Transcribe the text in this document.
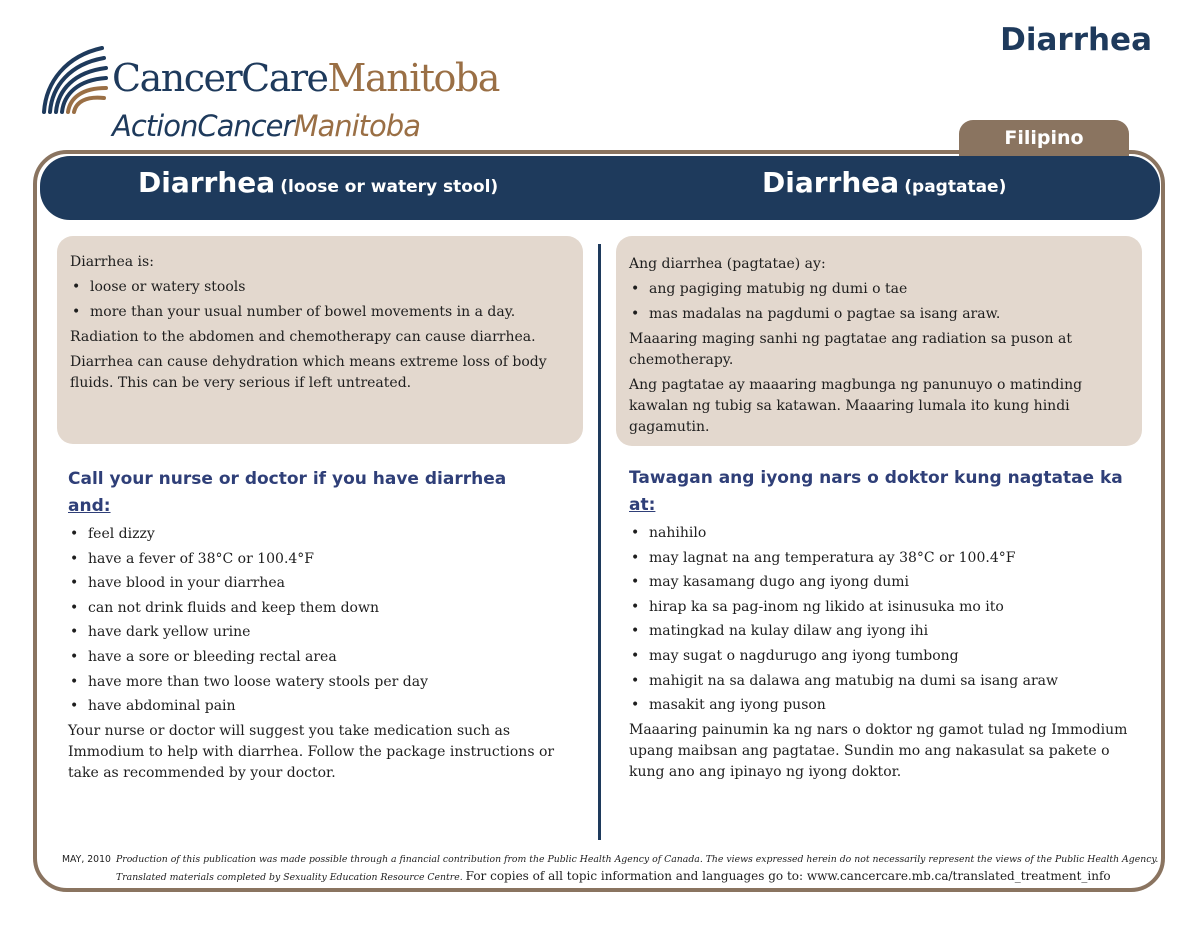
Diarrhea
CancerCareManitoba
ActionCancerManitoba	Filipino
Diarrhea (loose or watery stool)	Diarrhea (pagtatae)

Diarrhea is:

• loose or watery stools
• more than your usual number of bowel movements in a day.

Radiation to the abdomen and chemotherapy can cause diarrhea.

Diarrhea can cause dehydration which means extreme loss of body fluids. This can be very serious if left untreated.

Ang diarrhea (pagtatae) ay:

• ang pagiging matubig ng dumi o tae
• mas madalas na pagdumi o pagtae sa isang araw.

Maaaring maging sanhi ng pagtatae ang radiation sa puson at chemotherapy.

Ang pagtatae ay maaaring magbunga ng panunuyo o matinding kawalan ng tubig sa katawan. Maaaring lumala ito kung hindi gagamutin.

Call your nurse or doctor if you have diarrhea
and:
• feel dizzy
• have a fever of 38°C or 100.4°F
• have blood in your diarrhea
• can not drink fluids and keep them down
• have dark yellow urine
• have a sore or bleeding rectal area
• have more than two loose watery stools per day
• have abdominal pain

Your nurse or doctor will suggest you take medication such as Immodium to help with diarrhea. Follow the package instructions or take as recommended by your doctor.

Tawagan ang iyong nars o doktor kung nagtatae ka at:
• nahihilo
• may lagnat na ang temperatura ay 38°C or 100.4°F
• may kasamang dugo ang iyong dumi
• hirap ka sa pag-inom ng likido at isinusuka mo ito
• matingkad na kulay dilaw ang iyong ihi
• may sugat o nagdurugo ang iyong tumbong
• mahigit na sa dalawa ang matubig na dumi sa isang araw
• masakit ang iyong puson

Maaaring painumin ka ng nars o doktor ng gamot tulad ng Immodium upang maibsan ang pagtatae. Sundin mo ang nakasulat sa pakete o kung ano ang ipinayo ng iyong doktor.

MAY, 2010 Production of this publication was made possible through a financial contribution from the Public Health Agency of Canada. The views expressed herein do not necessarily represent the views of the Public Health Agency.
Translated materials completed by Sexuality Education Resource Centre. For copies of all topic information and languages go to: www.cancercare.mb.ca/translated_treatment_info
